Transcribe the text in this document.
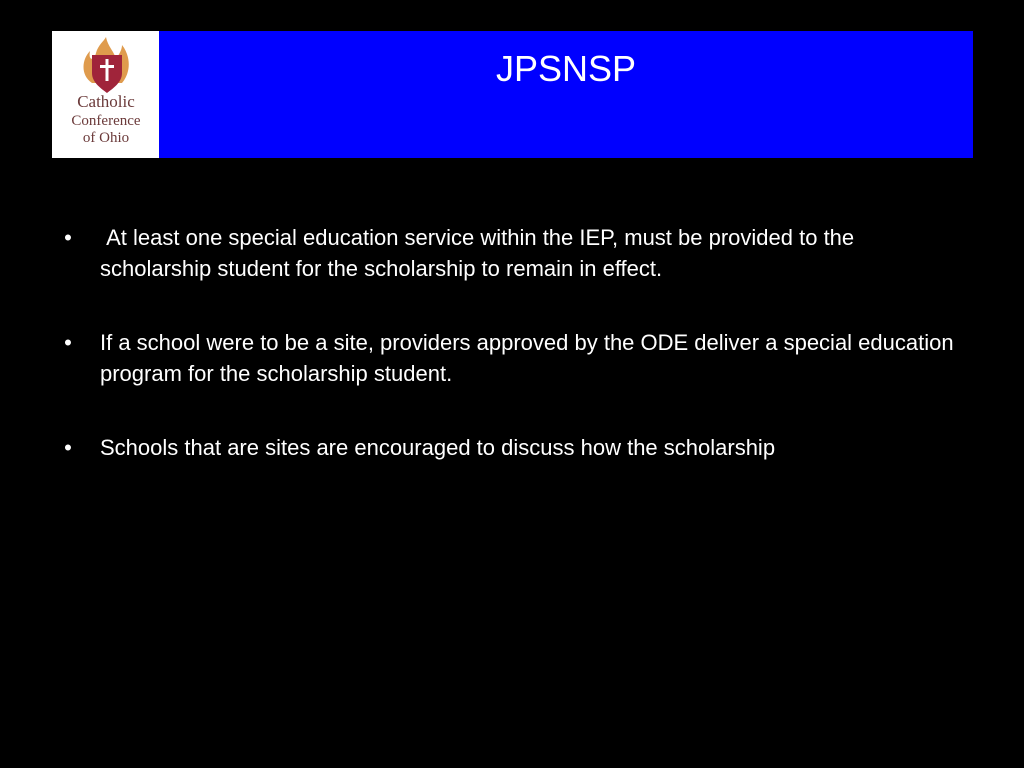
Catholic
Conference
of Ohio
JPSNSP
• At least one special education service within the IEP, must be provided to the scholarship student for the scholarship to remain in effect.
• If a school were to be a site, providers approved by the ODE deliver a special education program for the scholarship student.
• Schools that are sites are encouraged to discuss how the scholarship
